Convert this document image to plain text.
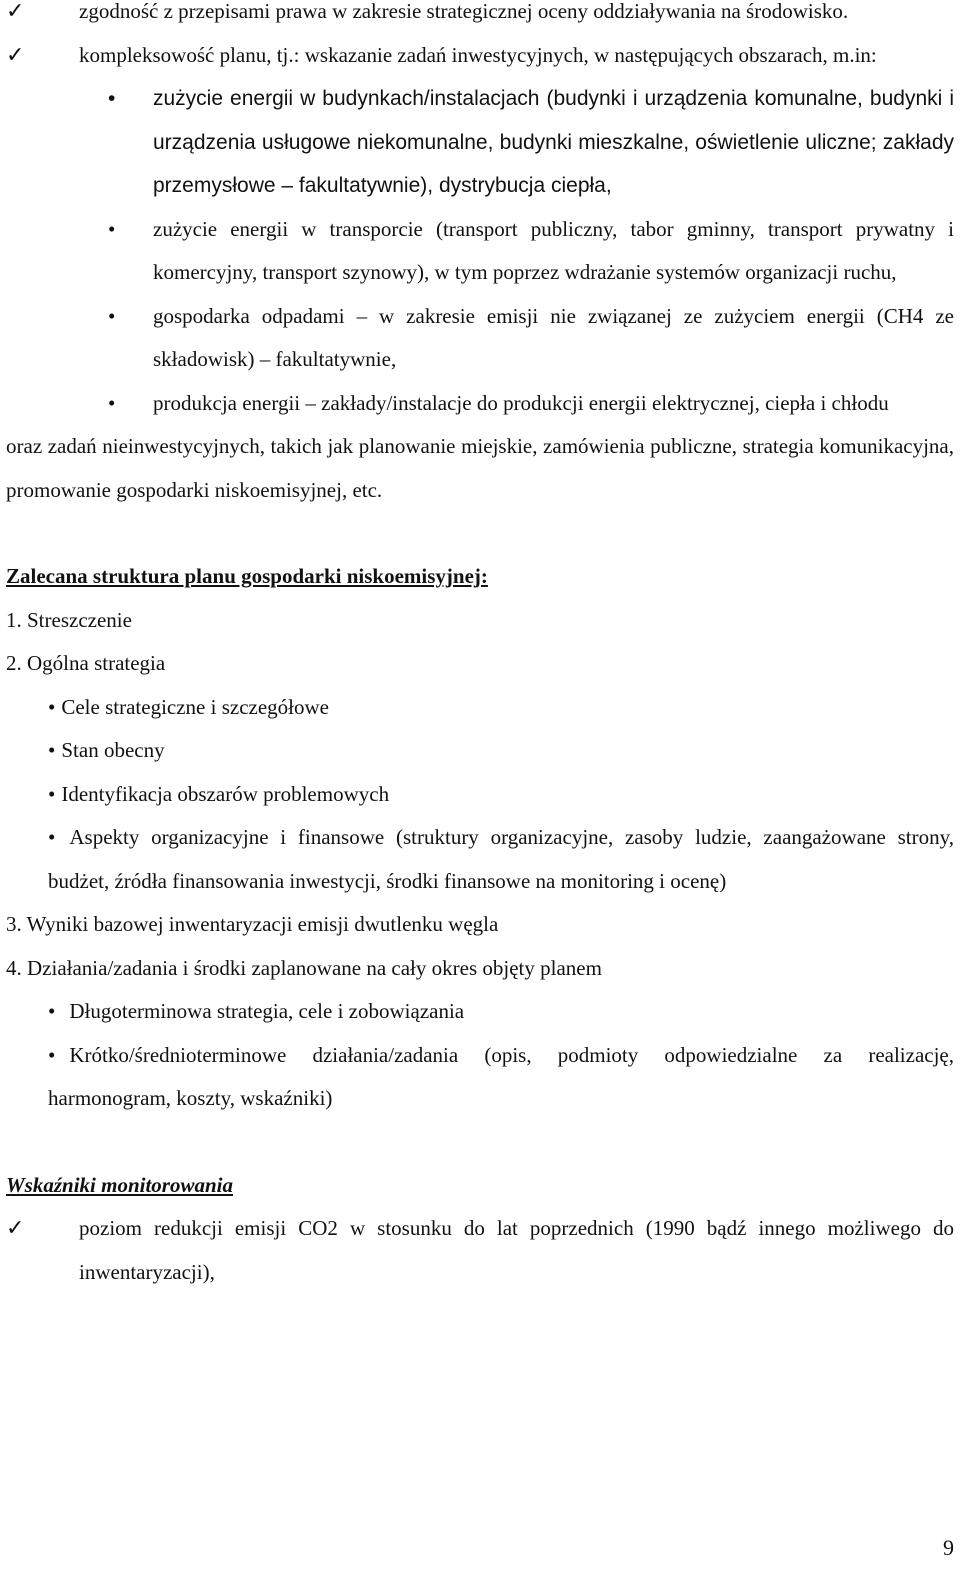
✓	zgodność z przepisami prawa w zakresie strategicznej oceny oddziaływania na środowisko.
✓	kompleksowość planu, tj.: wskazanie zadań inwestycyjnych, w następujących obszarach, m.in:
• zużycie energii w budynkach/instalacjach (budynki i urządzenia komunalne, budynki i urządzenia usługowe niekomunalne, budynki mieszkalne, oświetlenie uliczne; zakłady przemysłowe – fakultatywnie), dystrybucja ciepła,
• zużycie energii w transporcie (transport publiczny, tabor gminny, transport prywatny i komercyjny, transport szynowy), w tym poprzez wdrażanie systemów organizacji ruchu,
• gospodarka odpadami – w zakresie emisji nie związanej ze zużyciem energii (CH4 ze składowisk) – fakultatywnie,
• produkcja energii – zakłady/instalacje do produkcji energii elektrycznej, ciepła i chłodu
oraz zadań nieinwestycyjnych, takich jak planowanie miejskie, zamówienia publiczne, strategia komunikacyjna, promowanie gospodarki niskoemisyjnej, etc.
Zalecana struktura planu gospodarki niskoemisyjnej:
1. Streszczenie
2. Ogólna strategia
• Cele strategiczne i szczegółowe
• Stan obecny
• Identyfikacja obszarów problemowych
• Aspekty organizacyjne i finansowe (struktury organizacyjne, zasoby ludzie, zaangażowane strony, budżet, źródła finansowania inwestycji, środki finansowe na monitoring i ocenę)
3. Wyniki bazowej inwentaryzacji emisji dwutlenku węgla
4. Działania/zadania i środki zaplanowane na cały okres objęty planem
• Długoterminowa strategia, cele i zobowiązania
• Krótko/średnioterminowe działania/zadania (opis, podmioty odpowiedzialne za realizację, harmonogram, koszty, wskaźniki)
Wskaźniki monitorowania
✓	poziom redukcji emisji CO2 w stosunku do lat poprzednich (1990 bądź innego możliwego do inwentaryzacji),
9
